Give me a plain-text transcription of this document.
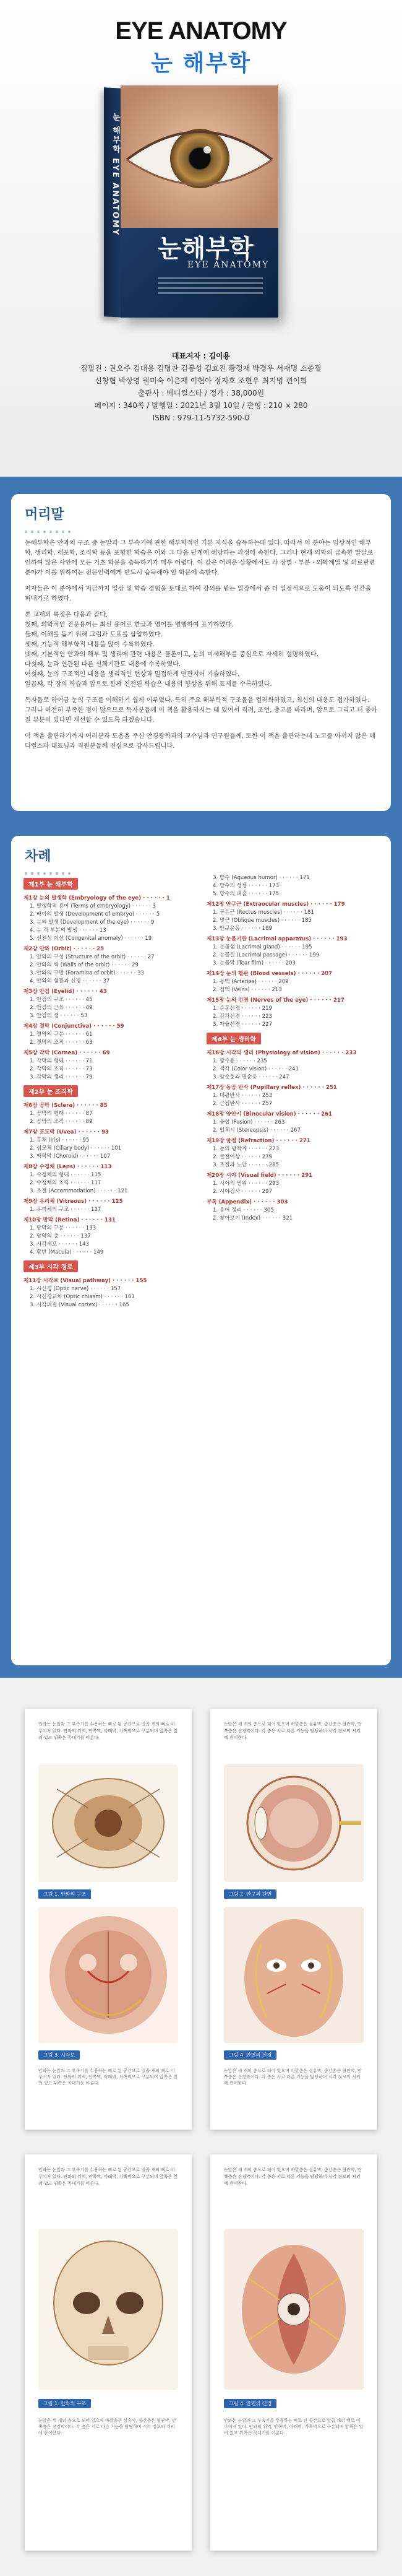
EYE ANATOMY
눈 해부학
눈 해부학 EYE ANATOMY
눈해부학
EYE ANATOMY
대표저자 : 김이용
집필진 : 권오주 김대용 김명찬 김봉성 김효진 황정재 박경우 서재명 소종필
신창협 박상영 원미숙 이은재 이현아 정지호 조현우 최지명 편이희
출판사 : 메디컬스타 / 정가 : 38,000원
페이지 : 340쪽 / 발행일 : 2021년 3월 10일 / 판형 : 210 × 280
ISBN : 979-11-5732-590-0
머리말

눈해부학은 안과의 구조 중 눈알과 그 부속기에 관한 해부학적인 기본 지식을 습득하는데 있다. 따라서 이 분야는 임상적인 해부학, 생리학, 세포학, 조직학 등을 포함한 학습은 이와 그 다음 단계에 해당하는 과정에 속한다. 그러나 현재 의학의 급속한 발달로 인하여 많은 사안에 모든 기초 학문을 습득하기가 매우 어렵다. 이 같은 어려운 상황에서도 각 장별 · 부분 · 의학계열 및 의료관련 분야가 이를 위하여는 전문인력에게 반드시 습득해야 할 학문에 속한다.

저자들은 이 분야에서 지금까지 일상 및 학습 경험을 토대로 하여 강의를 받는 입장에서 좀 더 일정적으로 도움이 되도록 신간을 펴내기로 하였다.

본 교재의 특징은 다음과 같다.
첫째, 의학적인 전문용어는 최신 용어로 한글과 영어를 병행하여 표기하였다.
둘째, 이해를 돕기 위해 그림과 도표를 삽입하였다.
셋째, 기능적 해부학적 내용을 많이 수록하였다.
넷째, 기본적인 안과의 해부 및 생리에 관련 내용은 물론이고, 눈의 미세해부를 중심으로 자세히 설명하였다.
다섯째, 눈과 연관된 다른 신체기관도 내용에 수록하였다.
여섯째, 눈의 구조적인 내용을 생리적인 현상과 밀접하게 연관지어 기술하였다.

일곱째, 각 장의 학습과 앞으로 함께 진전된 학습은 내용의 향상을 위해 표제를 수록하였다.

독자들로 하여금 눈의 구조를 이해하기 쉽게 이루었다. 특히 주요 해부학적 구조물을 컬러화하였고, 최신의 내용도 접가하였다. 그러나 여전히 부족한 점이 많으므로 독자분들께 이 책을 활용하시는 데 있어서 격려, 조언, 충고를 바라며, 앞으로 그리고 더 좋아질 부분이 있다면 개선할 수 있도록 하겠습니다.

이 책을 출판하기까지 여러분과 도움을 주신 안경광학과의 교수님과 연구원들께, 또한 이 책을 출판하는데 노고를 아끼지 않은 메디컬스타 대표님과 직원분들께 진심으로 감사드립니다.

차례
제1부 눈 해부학
제1장 눈의 발생학 (Embryology of the eye) · · · · · · 1
1. 발생학적 용어 (Terms of embryology) · · · · · · 3
2. 배아의 발생 (Development of embryo) · · · · · · 5
3. 눈의 발생 (Development of the eye) · · · · · · 9
4. 눈 각 부분의 발생 · · · · · · 13
5. 선천성 이상 (Congenital anomaly) · · · · · · 19
제2장 안와 (Orbit) · · · · · · 25
1. 안와의 구성 (Structure of the orbit) · · · · · · 27
2. 안와의 벽 (Walls of the orbit) · · · · · · 29
3. 안와의 구멍 (Foramina of orbit) · · · · · · 33
4. 안와의 혈관과 신경 · · · · · · 37
제3장 안검 (Eyelid) · · · · · · 43
1. 안검의 구조 · · · · · · 45
2. 안검의 근육 · · · · · · 49
3. 안검의 샘 · · · · · · 53
제4장 결막 (Conjunctiva) · · · · · · 59
1. 결막의 구분 · · · · · · 61
2. 결막의 조직 · · · · · · 63
제5장 각막 (Cornea) · · · · · · 69
1. 각막의 형태 · · · · · · 71
2. 각막의 조직 · · · · · · 73
3. 각막의 생리 · · · · · · 79
제2부 눈 조직학
제6장 공막 (Sclera) · · · · · · 85
1. 공막의 형태 · · · · · · 87
2. 공막의 조직 · · · · · · 89
제7장 포도막 (Uvea) · · · · · · 93
1. 홍채 (Iris) · · · · · · 95
2. 섬모체 (Ciliary body) · · · · · · 101
3. 맥락막 (Choroid) · · · · · · 107
제8장 수정체 (Lens) · · · · · · 113
1. 수정체의 형태 · · · · · · 115
2. 수정체의 조직 · · · · · · 117
3. 조절 (Accommodation) · · · · · · 121
제9장 유리체 (Vitreous) · · · · · · 125
1. 유리체의 구조 · · · · · · 127
제10장 망막 (Retina) · · · · · · 131
1. 망막의 구분 · · · · · · 133
2. 망막의 층 · · · · · · 137
3. 시각세포 · · · · · · 143
4. 황반 (Macula) · · · · · · 149
제3부 시각 경로
제11장 시각로 (Visual pathway) · · · · · · 155
1. 시신경 (Optic nerve) · · · · · · 157
2. 시신경교차 (Optic chiasm) · · · · · · 161
3. 시각피질 (Visual cortex) · · · · · · 165
3. 방수 (Aqueous humor) · · · · · · 171
4. 방수의 생성 · · · · · · 173
5. 방수의 배출 · · · · · · 175
제12장 안구근 (Extraocular muscles) · · · · · · 179
1. 곧은근 (Rectus muscles) · · · · · · 181
2. 빗근 (Oblique muscles) · · · · · · 185
3. 안구운동 · · · · · · 189
제13장 눈물기관 (Lacrimal apparatus) · · · · · · 193
1. 눈물샘 (Lacrimal gland) · · · · · · 195
2. 눈물길 (Lacrimal passage) · · · · · · 199
3. 눈물막 (Tear film) · · · · · · 203
제14장 눈의 혈관 (Blood vessels) · · · · · · 207
1. 동맥 (Arteries) · · · · · · 209
2. 정맥 (Veins) · · · · · · 213
제15장 눈의 신경 (Nerves of the eye) · · · · · · 217
1. 운동신경 · · · · · · 219
2. 감각신경 · · · · · · 223
3. 자율신경 · · · · · · 227
제4부 눈 생리학
제16장 시각의 생리 (Physiology of vision) · · · · · · 233
1. 광수용 · · · · · · 235
2. 색각 (Color vision) · · · · · · 241
3. 암순응과 명순응 · · · · · · 247
제17장 동공 반사 (Pupillary reflex) · · · · · · 251
1. 대광반사 · · · · · · 253
2. 근접반사 · · · · · · 257
제18장 양안시 (Binocular vision) · · · · · · 261
1. 융합 (Fusion) · · · · · · 263
2. 입체시 (Stereopsis) · · · · · · 267
제19장 굴절 (Refraction) · · · · · · 271
1. 눈의 광학계 · · · · · · 273
2. 굴절이상 · · · · · · 279
3. 조절과 노안 · · · · · · 285
제20장 시야 (Visual field) · · · · · · 291
1. 시야의 범위 · · · · · · 293
2. 시야검사 · · · · · · 297
부록 (Appendix) · · · · · · 303
1. 용어 정리 · · · · · · 305
2. 찾아보기 (Index) · · · · · · 321
안와는 눈알과 그 부속기를 수용하는 뼈로 된 공간으로 일곱 개의 뼈로 이루어져 있다. 안와의 위벽, 안쪽벽, 아래벽, 가쪽벽으로 구분되며 앞쪽은 열려 있고 뒤쪽은 꼭대기를 이룬다.
그림 1. 안와의 구조
그림 3. 시각로
안와는 눈알과 그 부속기를 수용하는 뼈로 된 공간으로 일곱 개의 뼈로 이루어져 있다. 안와의 위벽, 안쪽벽, 아래벽, 가쪽벽으로 구분되며 앞쪽은 열려 있고 뒤쪽은 꼭대기를 이룬다.
눈알은 세 개의 층으로 되어 있으며 바깥층은 섬유막, 중간층은 혈관막, 안쪽층은 신경막이다. 각 층은 서로 다른 기능을 담당하며 시각 정보의 처리에 관여한다.
그림 2. 안구의 단면
그림 4. 안면의 신경
눈알은 세 개의 층으로 되어 있으며 바깥층은 섬유막, 중간층은 혈관막, 안쪽층은 신경막이다. 각 층은 서로 다른 기능을 담당하며 시각 정보의 처리에 관여한다.
안와는 눈알과 그 부속기를 수용하는 뼈로 된 공간으로 일곱 개의 뼈로 이루어져 있다. 안와의 위벽, 안쪽벽, 아래벽, 가쪽벽으로 구분되며 앞쪽은 열려 있고 뒤쪽은 꼭대기를 이룬다.
그림 1. 안와의 구조
눈알은 세 개의 층으로 되어 있으며 바깥층은 섬유막, 중간층은 혈관막, 안쪽층은 신경막이다. 각 층은 서로 다른 기능을 담당하며 시각 정보의 처리에 관여한다.
눈알은 세 개의 층으로 되어 있으며 바깥층은 섬유막, 중간층은 혈관막, 안쪽층은 신경막이다. 각 층은 서로 다른 기능을 담당하며 시각 정보의 처리에 관여한다.
그림 4. 안면의 신경
안와는 눈알과 그 부속기를 수용하는 뼈로 된 공간으로 일곱 개의 뼈로 이루어져 있다. 안와의 위벽, 안쪽벽, 아래벽, 가쪽벽으로 구분되며 앞쪽은 열려 있고 뒤쪽은 꼭대기를 이룬다.
